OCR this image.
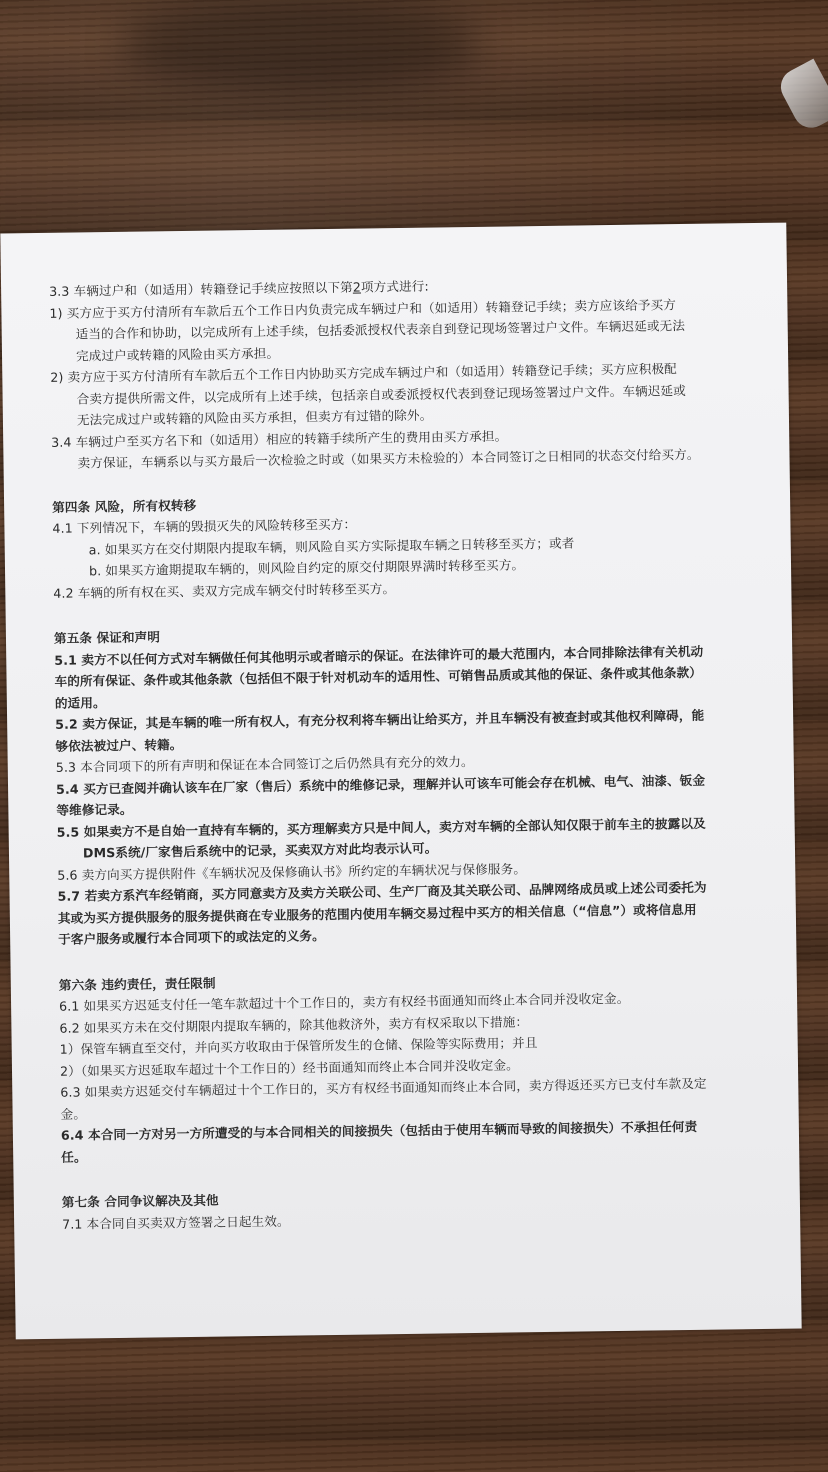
3.3 车辆过户和（如适用）转籍登记手续应按照以下第2项方式进行:

1) 买方应于买方付清所有车款后五个工作日内负责完成车辆过户和（如适用）转籍登记手续；卖方应该给予买方

适当的合作和协助，以完成所有上述手续，包括委派授权代表亲自到登记现场签署过户文件。车辆迟延或无法

完成过户或转籍的风险由买方承担。

2) 卖方应于买方付清所有车款后五个工作日内协助买方完成车辆过户和（如适用）转籍登记手续；买方应积极配

合卖方提供所需文件，以完成所有上述手续，包括亲自或委派授权代表到登记现场签署过户文件。车辆迟延或

无法完成过户或转籍的风险由买方承担，但卖方有过错的除外。

3.4 车辆过户至买方名下和（如适用）相应的转籍手续所产生的费用由买方承担。

卖方保证，车辆系以与买方最后一次检验之时或（如果买方未检验的）本合同签订之日相同的状态交付给买方。

第四条 风险，所有权转移

4.1 下列情况下，车辆的毁损灭失的风险转移至买方：

a. 如果买方在交付期限内提取车辆，则风险自买方实际提取车辆之日转移至买方；或者

b. 如果买方逾期提取车辆的，则风险自约定的原交付期限界满时转移至买方。

4.2 车辆的所有权在买、卖双方完成车辆交付时转移至买方。

第五条 保证和声明

5.1 卖方不以任何方式对车辆做任何其他明示或者暗示的保证。在法律许可的最大范围内，本合同排除法律有关机动

车的所有保证、条件或其他条款（包括但不限于针对机动车的适用性、可销售品质或其他的保证、条件或其他条款）

的适用。

5.2 卖方保证，其是车辆的唯一所有权人，有充分权利将车辆出让给买方，并且车辆没有被查封或其他权利障碍，能

够依法被过户、转籍。

5.3 本合同项下的所有声明和保证在本合同签订之后仍然具有充分的效力。

5.4 买方已查阅并确认该车在厂家（售后）系统中的维修记录，理解并认可该车可能会存在机械、电气、油漆、钣金

等维修记录。

5.5 如果卖方不是自始一直持有车辆的，买方理解卖方只是中间人，卖方对车辆的全部认知仅限于前车主的披露以及

DMS系统/厂家售后系统中的记录，买卖双方对此均表示认可。

5.6 卖方向买方提供附件《车辆状况及保修确认书》所约定的车辆状况与保修服务。

5.7 若卖方系汽车经销商，买方同意卖方及卖方关联公司、生产厂商及其关联公司、品牌网络成员或上述公司委托为

其或为买方提供服务的服务提供商在专业服务的范围内使用车辆交易过程中买方的相关信息（“信息”）或将信息用

于客户服务或履行本合同项下的或法定的义务。

第六条 违约责任，责任限制

6.1 如果买方迟延支付任一笔车款超过十个工作日的，卖方有权经书面通知而终止本合同并没收定金。

6.2 如果买方未在交付期限内提取车辆的，除其他救济外，卖方有权采取以下措施：

1）保管车辆直至交付，并向买方收取由于保管所发生的仓储、保险等实际费用；并且

2）（如果买方迟延取车超过十个工作日的）经书面通知而终止本合同并没收定金。

6.3 如果卖方迟延交付车辆超过十个工作日的，买方有权经书面通知而终止本合同，卖方得返还买方已支付车款及定

金。

6.4 本合同一方对另一方所遭受的与本合同相关的间接损失（包括由于使用车辆而导致的间接损失）不承担任何责

任。

第七条 合同争议解决及其他

7.1 本合同自买卖双方签署之日起生效。
